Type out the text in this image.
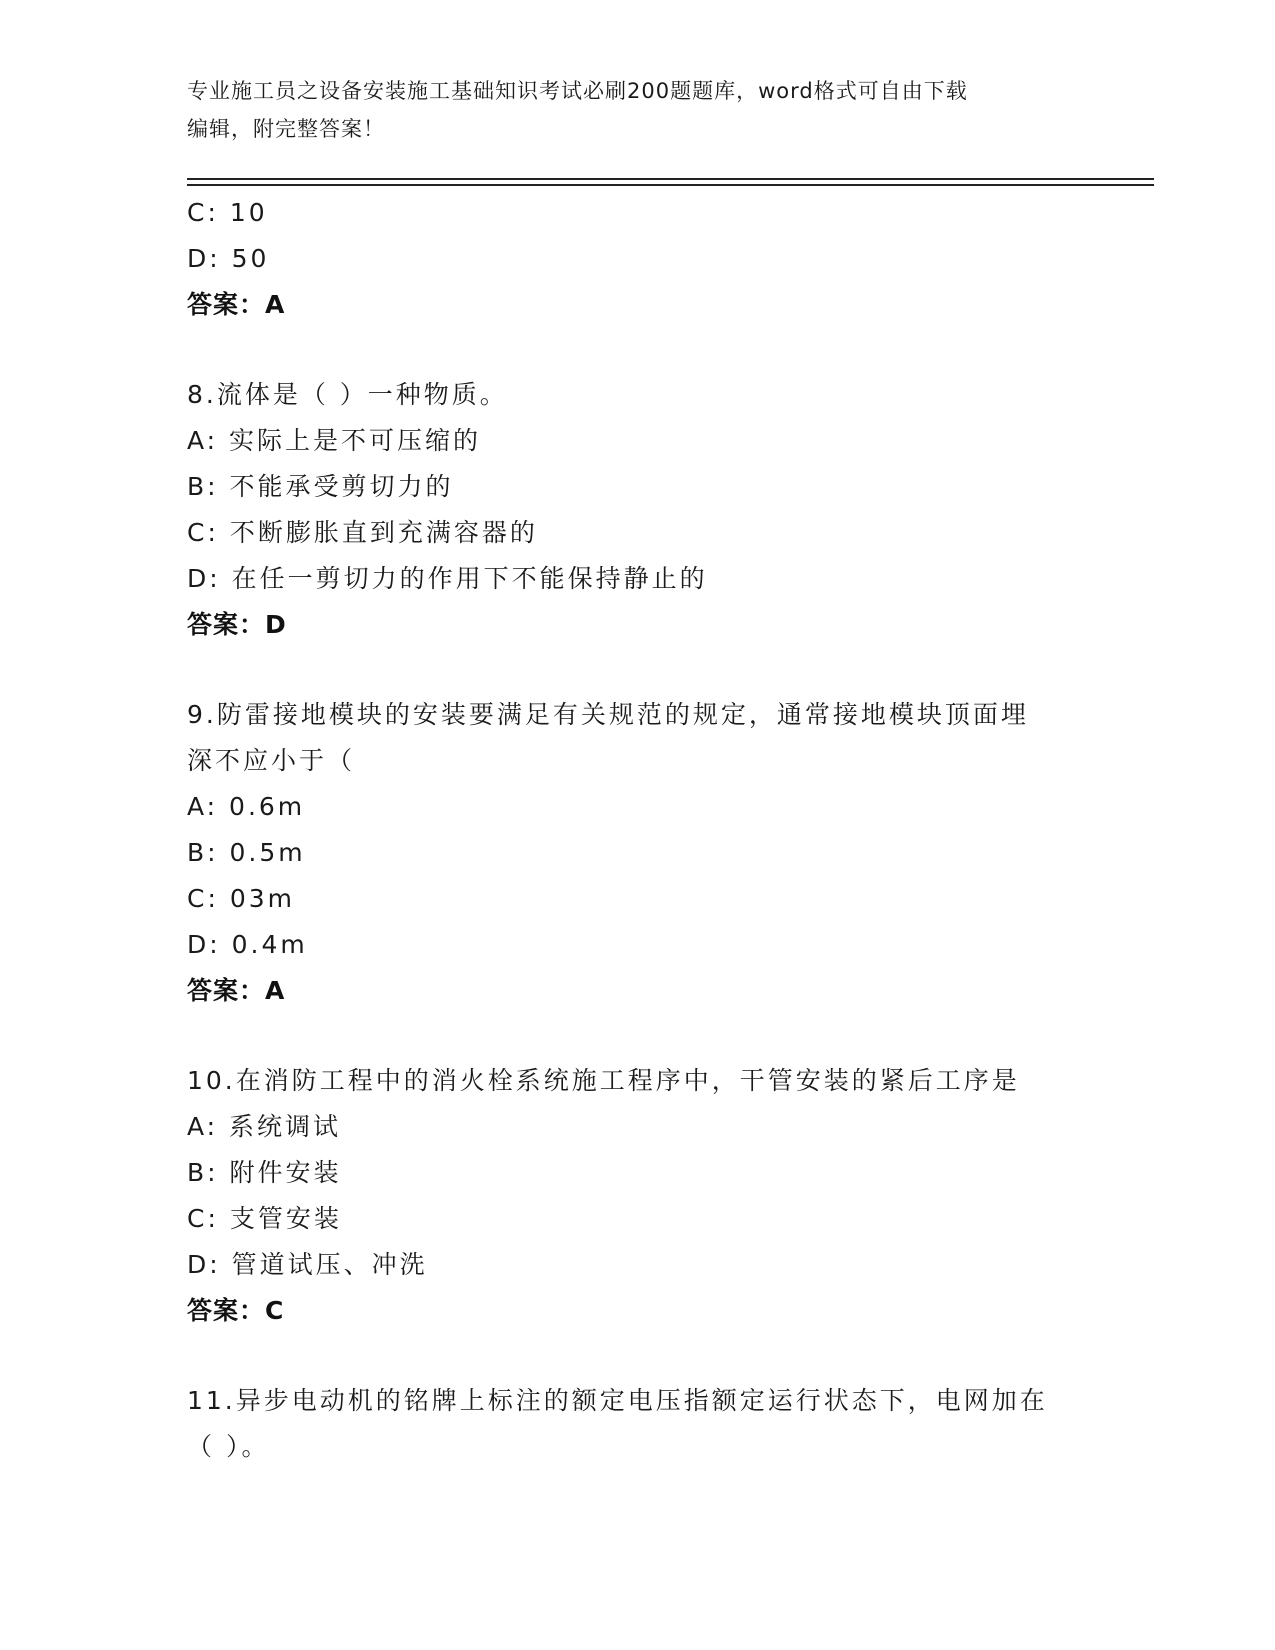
专业施工员之设备安装施工基础知识考试必刷200题题库，word格式可自由下载
编辑，附完整答案！
C: 10
D: 50
答案：A
8.流体是（ ）一种物质。
A: 实际上是不可压缩的
B: 不能承受剪切力的
C: 不断膨胀直到充满容器的
D: 在任一剪切力的作用下不能保持静止的
答案：D
9.防雷接地模块的安装要满足有关规范的规定，通常接地模块顶面埋
深不应小于（
A: 0.6m
B: 0.5m
C: 03m
D: 0.4m
答案：A
10.在消防工程中的消火栓系统施工程序中，干管安装的紧后工序是
A: 系统调试
B: 附件安装
C: 支管安装
D: 管道试压、冲洗
答案：C
11.异步电动机的铭牌上标注的额定电压指额定运行状态下，电网加在
（ ）。
